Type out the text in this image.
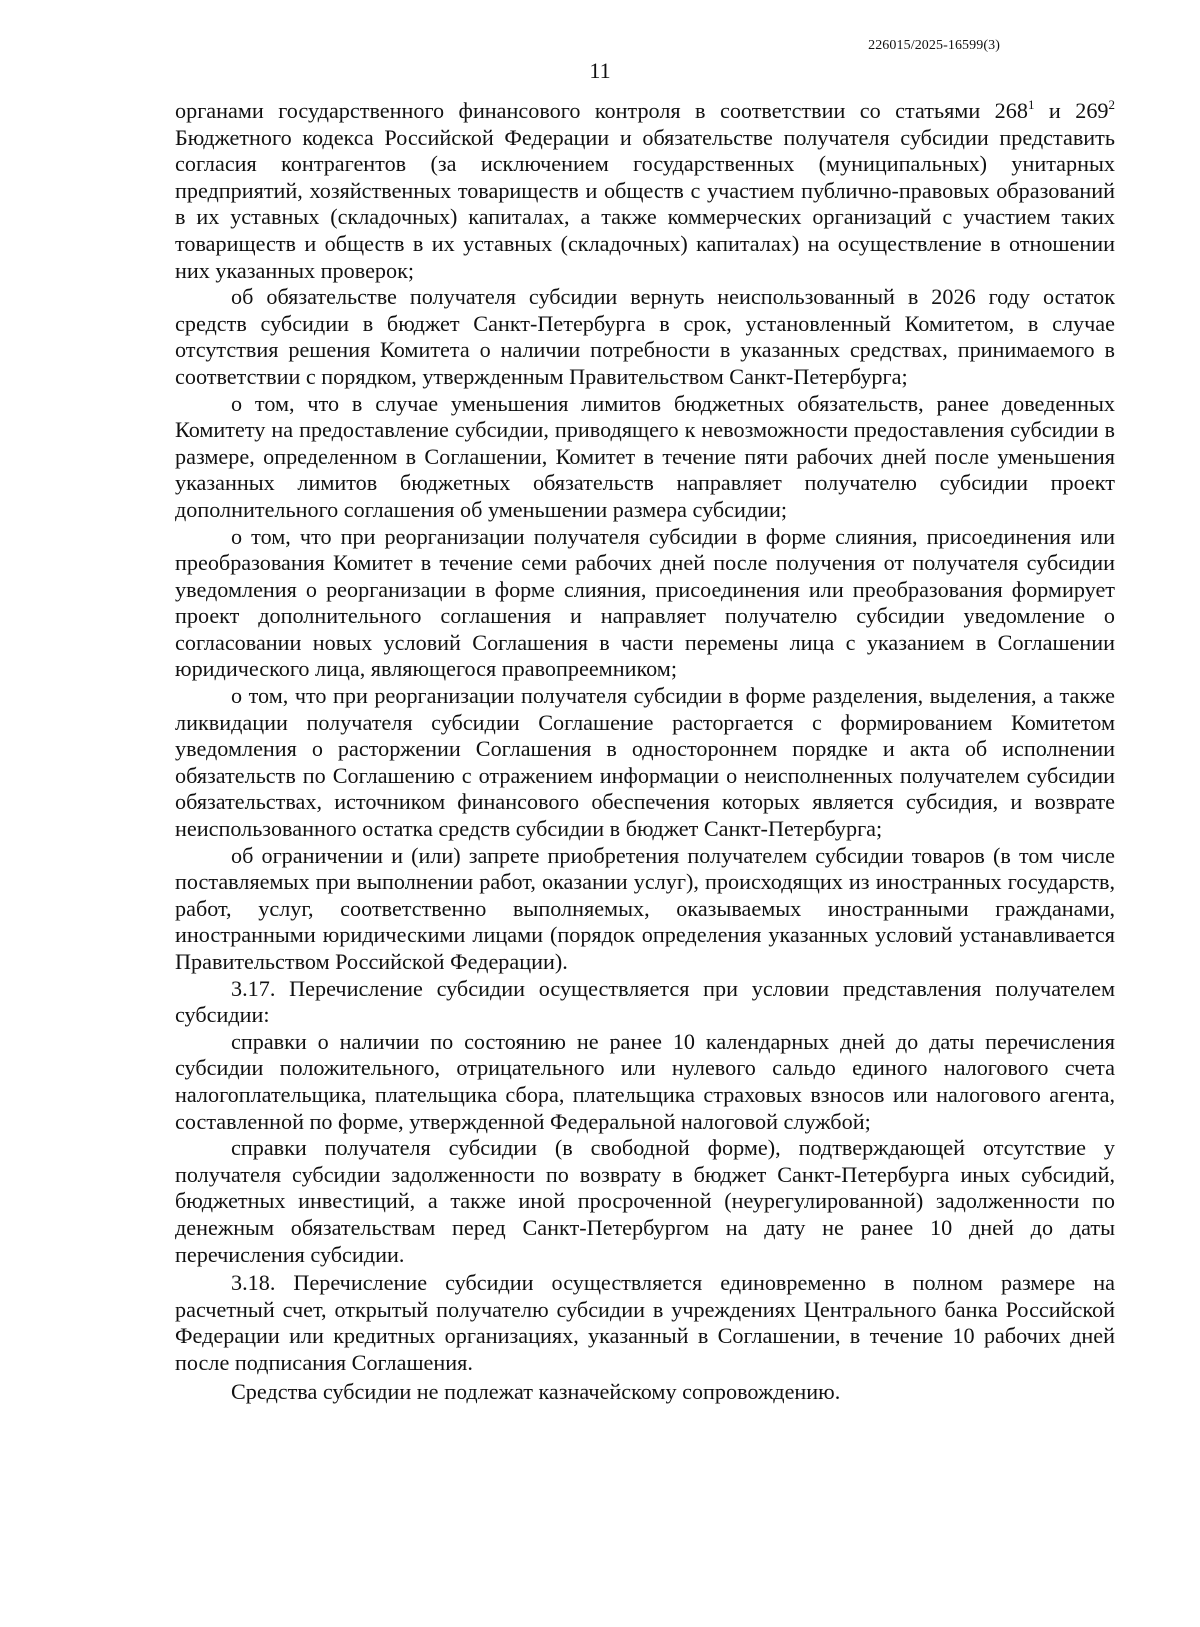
226015/2025-16599(3)
11

органами государственного финансового контроля в соответствии со статьями $268^1$ и $269^2$ Бюджетного кодекса Российской Федерации и обязательстве получателя субсидии представить согласия контрагентов (за исключением государственных (муниципальных) унитарных предприятий, хозяйственных товариществ и обществ с участием публично-правовых образований в их уставных (складочных) капиталах, а также коммерческих организаций с участием таких товариществ и обществ в их уставных (складочных) капиталах) на осуществление в отношении них указанных проверок;

об обязательстве получателя субсидии вернуть неиспользованный в 2026 году остаток средств субсидии в бюджет Санкт-Петербурга в срок, установленный Комитетом, в случае отсутствия решения Комитета о наличии потребности в указанных средствах, принимаемого в соответствии с порядком, утвержденным Правительством Санкт-Петербурга;

о том, что в случае уменьшения лимитов бюджетных обязательств, ранее доведенных Комитету на предоставление субсидии, приводящего к невозможности предоставления субсидии в размере, определенном в Соглашении, Комитет в течение пяти рабочих дней после уменьшения указанных лимитов бюджетных обязательств направляет получателю субсидии проект дополнительного соглашения об уменьшении размера субсидии;

о том, что при реорганизации получателя субсидии в форме слияния, присоединения или преобразования Комитет в течение семи рабочих дней после получения от получателя субсидии уведомления о реорганизации в форме слияния, присоединения или преобразования формирует проект дополнительного соглашения и направляет получателю субсидии уведомление о согласовании новых условий Соглашения в части перемены лица с указанием в Соглашении юридического лица, являющегося правопреемником;

о том, что при реорганизации получателя субсидии в форме разделения, выделения, а также ликвидации получателя субсидии Соглашение расторгается с формированием Комитетом уведомления о расторжении Соглашения в одностороннем порядке и акта об исполнении обязательств по Соглашению с отражением информации о неисполненных получателем субсидии обязательствах, источником финансового обеспечения которых является субсидия, и возврате неиспользованного остатка средств субсидии в бюджет Санкт-Петербурга;

об ограничении и (или) запрете приобретения получателем субсидии товаров (в том числе поставляемых при выполнении работ, оказании услуг), происходящих из иностранных государств, работ, услуг, соответственно выполняемых, оказываемых иностранными гражданами, иностранными юридическими лицами (порядок определения указанных условий устанавливается Правительством Российской Федерации).

3.17. Перечисление субсидии осуществляется при условии представления получателем субсидии:

справки о наличии по состоянию не ранее 10 календарных дней до даты перечисления субсидии положительного, отрицательного или нулевого сальдо единого налогового счета налогоплательщика, плательщика сбора, плательщика страховых взносов или налогового агента, составленной по форме, утвержденной Федеральной налоговой службой;

справки получателя субсидии (в свободной форме), подтверждающей отсутствие у получателя субсидии задолженности по возврату в бюджет Санкт-Петербурга иных субсидий, бюджетных инвестиций, а также иной просроченной (неурегулированной) задолженности по денежным обязательствам перед Санкт-Петербургом на дату не ранее 10 дней до даты перечисления субсидии.

3.18. Перечисление субсидии осуществляется единовременно в полном размере на расчетный счет, открытый получателю субсидии в учреждениях Центрального банка Российской Федерации или кредитных организациях, указанный в Соглашении, в течение 10 рабочих дней после подписания Соглашения.

Средства субсидии не подлежат казначейскому сопровождению.
